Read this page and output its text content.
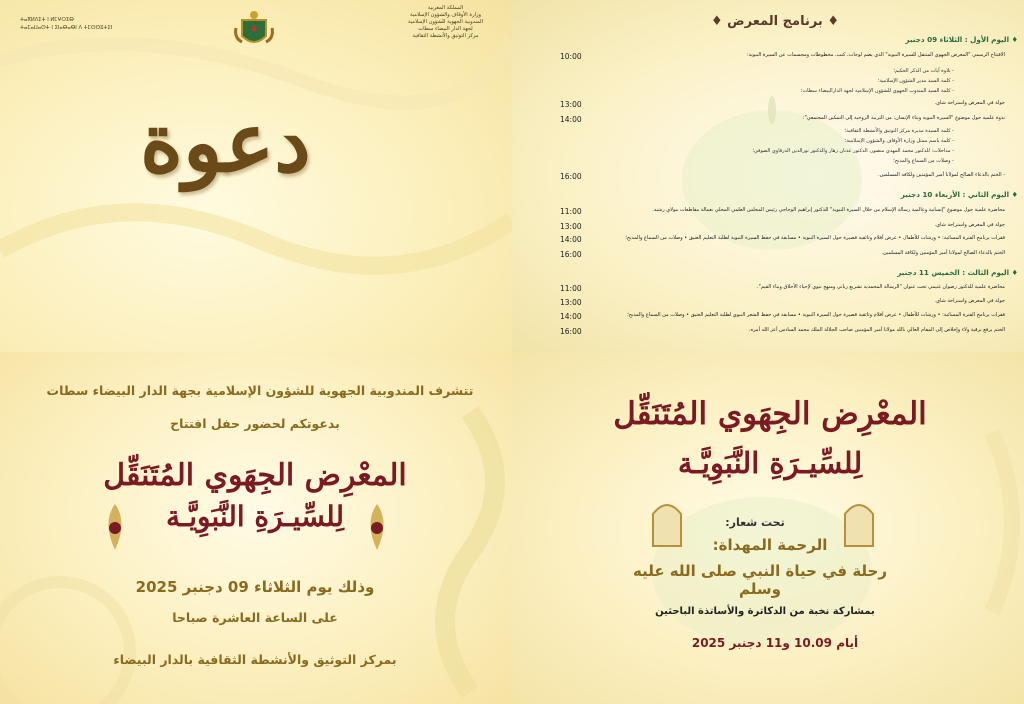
ⵜⴰⴳⵍⴷⵉⵜ ⵏ ⵍⵎⵖⵔⵉⴱ
ⵜⴰⵎⴰⵡⴰⵙⵜ ⵏ ⵉⵏⴰⴱⴰⴱⵏ ⴷ ⵜⵎⵙⵙⵓⵜⵉⵏ
المملكة المغربية
وزارة الأوقاف والشؤون الإسلامية
المندوبية الجهوية للشؤون الإسلامية
لجهة الدار البيضاء سطات
مركز التوثيق والأنشطة الثقافية
دعوة
♦ برنامج المعرض ♦
♦ اليوم الأول : الثلاثاء 09 دجنبر
10:00	الافتتاح الرسمي "المعرض الجهوي المتنقل للسيرة النبوية" الذي يضم لوحات، كتب، مخطوطات ومجسمات عن السيرة النبوية:
- تلاوة آيات من الذكر الحكيم؛
- كلمة السيد مدير الشؤون الإسلامية؛
- كلمة السيد المندوب الجهوي للشؤون الإسلامية لجهة الدارالبيضاء سطات؛
13:00	جولة في المعرض واستراحة شاي.
14:00	ندوة علمية حول موضوع "السيرة النبوية وبناء الإنسان: من التربية الروحية إلى التمكين المجتمعي":
- كلمة السيدة مديرة مركز التوثيق والأنشطة الثقافية؛
- كلمة باسم ممثل وزارة الأوقاف والشؤون الإسلامية؛
- مداخلات: للدكتور محمد المهدي منصور، الدكتور عدنان زهار والدكتور نورالدين الدرقاوي الصوفي؛
- وصلات من السماع والمديح؛
16:00	- الختم بالدعاء الصالح لمولانا أمير المؤمنين ولكافة المسلمين.
♦ اليوم الثاني : الأربعاء 10 دجنبر
11:00	محاضرة علمية حول موضوع "إنسانية وعالمية رسالة الإسلام من خلال السيرة النبوية" للدكتور إبراهيم الوجاجي رئيس المجلس العلمي المحلي بعمالة مقاطعات مولاي رشيد.
13:00	جولة في المعرض واستراحة شاي.
14:00	فقرات برنامج الفترة المسائية: • ورشات للأطفال • عرض أفلام وثائقية قصيرة حول السيرة النبوية • مسابقة في حفظ السيرة النبوية لطلبة التعليم العتيق • وصلات من السماع والمديح؛
16:00	الختم بالدعاء الصالح لمولانا أمير المؤمنين ولكافة المسلمين.
♦ اليوم الثالث : الخميس 11 دجنبر
11:00	محاضرة علمية للدكتور رضوان غنيمي تحت عنوان "الرسالة المحمدية تشريع رباني ومنهج نبوي لإحياء الأخلاق وبناء القيم".
13:00	جولة في المعرض واستراحة شاي.
14:00	فقرات برنامج الفترة المسائية: • ورشات للأطفال • عرض أفلام وثائقية قصيرة حول السيرة النبوية • مسابقة في حفظ الشعر النبوي لطلبة التعليم العتيق • وصلات من السماع والمديح؛
16:00	الختم برفع برقية ولاء وإخلاص إلى المقام العالي بالله مولانا أمير المؤمنين صاحب الجلالة الملك محمد السادس أعز الله أمره.
تتشرف المندوبية الجهوية للشؤون الإسلامية بجهة الدار البيضاء سطات
بدعوتكم لحضور حفل افتتاح
المعْرِض الجِهَوي المُتَنَقِّل
لِلسِّيـرَةِ النَّبَوِيَّـة
وذلك يوم الثلاثاء 09 دجنبر 2025
على الساعة العاشرة صباحا
بمركز التوثيق والأنشطة الثقافية بالدار البيضاء
المعْرِض الجِهَوي المُتَنَقِّل
لِلسِّيـرَةِ النَّبَوِيَّـة
تحت شعار:
الرحمة المهداة:
رحلة في حياة النبي صلى الله عليه وسلم
بمشاركة نخبة من الدكاترة والأساتذة الباحثين
أيام 10.09 و11 دجنبر 2025
